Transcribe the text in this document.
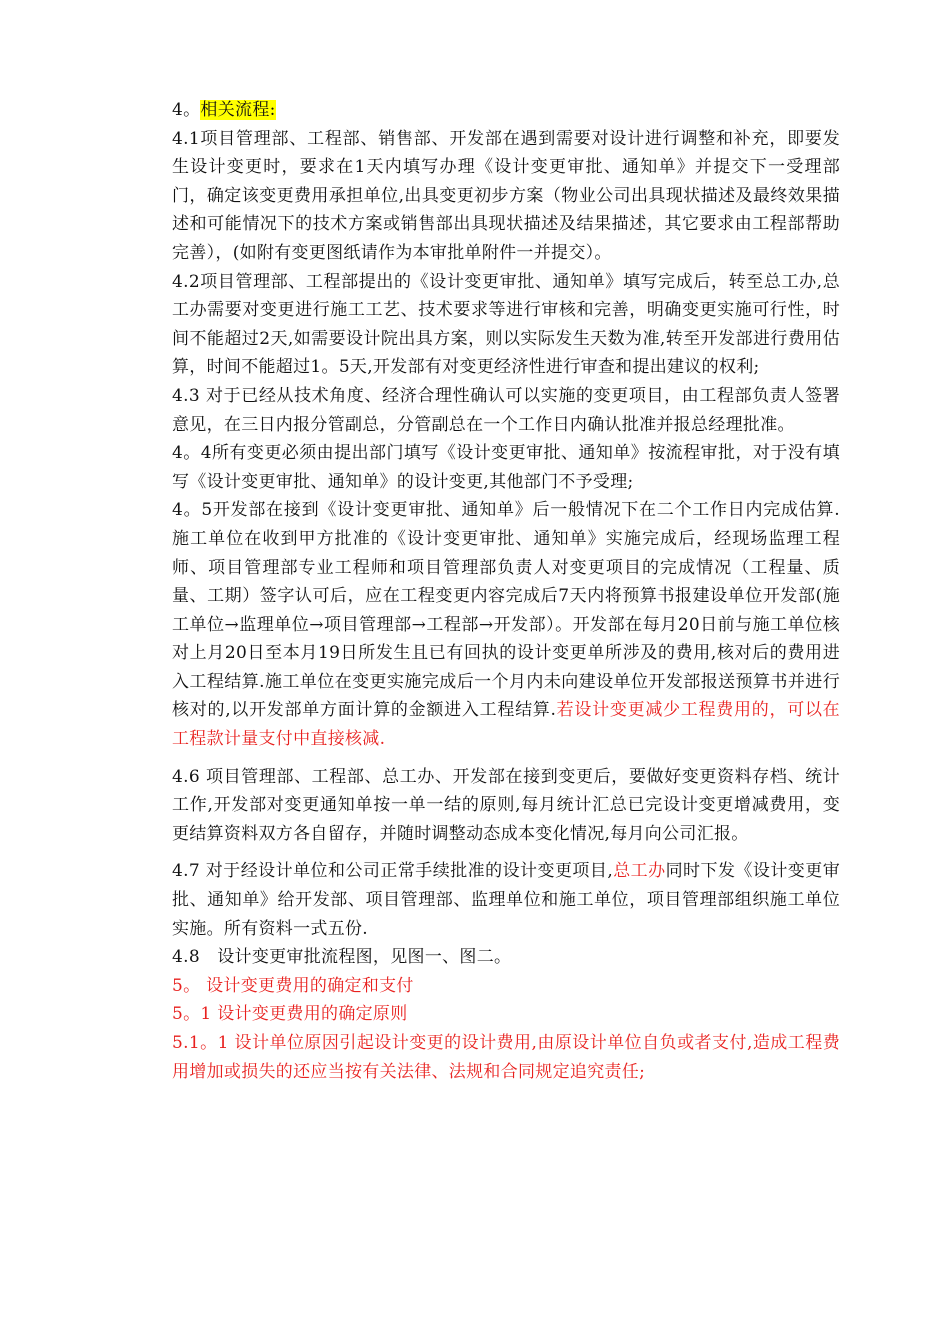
4。相关流程:

4.1项目管理部、工程部、销售部、开发部在遇到需要对设计进行调整和补充，即要发生设计变更时，要求在1天内填写办理《设计变更审批、通知单》并提交下一受理部门，确定该变更费用承担单位,出具变更初步方案（物业公司出具现状描述及最终效果描述和可能情况下的技术方案或销售部出具现状描述及结果描述，其它要求由工程部帮助完善），(如附有变更图纸请作为本审批单附件一并提交）。

4.2项目管理部、工程部提出的《设计变更审批、通知单》填写完成后，转至总工办,总工办需要对变更进行施工工艺、技术要求等进行审核和完善，明确变更实施可行性，时间不能超过2天,如需要设计院出具方案，则以实际发生天数为准,转至开发部进行费用估算，时间不能超过1。5天,开发部有对变更经济性进行审查和提出建议的权利;

4.3 对于已经从技术角度、经济合理性确认可以实施的变更项目，由工程部负责人签署意见，在三日内报分管副总，分管副总在一个工作日内确认批准并报总经理批准。

4。4所有变更必须由提出部门填写《设计变更审批、通知单》按流程审批，对于没有填写《设计变更审批、通知单》的设计变更,其他部门不予受理;

4。5开发部在接到《设计变更审批、通知单》后一般情况下在二个工作日内完成估算.施工单位在收到甲方批准的《设计变更审批、通知单》实施完成后，经现场监理工程师、项目管理部专业工程师和项目管理部负责人对变更项目的完成情况（工程量、质量、工期）签字认可后，应在工程变更内容完成后7天内将预算书报建设单位开发部(施工单位→监理单位→项目管理部→工程部→开发部）。开发部在每月20日前与施工单位核对上月20日至本月19日所发生且已有回执的设计变更单所涉及的费用,核对后的费用进入工程结算.施工单位在变更实施完成后一个月内未向建设单位开发部报送预算书并进行核对的,以开发部单方面计算的金额进入工程结算.若设计变更减少工程费用的，可以在工程款计量支付中直接核减.

4.6 项目管理部、工程部、总工办、开发部在接到变更后，要做好变更资料存档、统计工作,开发部对变更通知单按一单一结的原则,每月统计汇总已完设计变更增减费用，变更结算资料双方各自留存，并随时调整动态成本变化情况,每月向公司汇报。

4.7 对于经设计单位和公司正常手续批准的设计变更项目,总工办同时下发《设计变更审批、通知单》给开发部、项目管理部、监理单位和施工单位，项目管理部组织施工单位实施。所有资料一式五份.

4.8　设计变更审批流程图，见图一、图二。

5。 设计变更费用的确定和支付

5。1 设计变更费用的确定原则

5.1。1 设计单位原因引起设计变更的设计费用,由原设计单位自负或者支付,造成工程费用增加或损失的还应当按有关法律、法规和合同规定追究责任;
